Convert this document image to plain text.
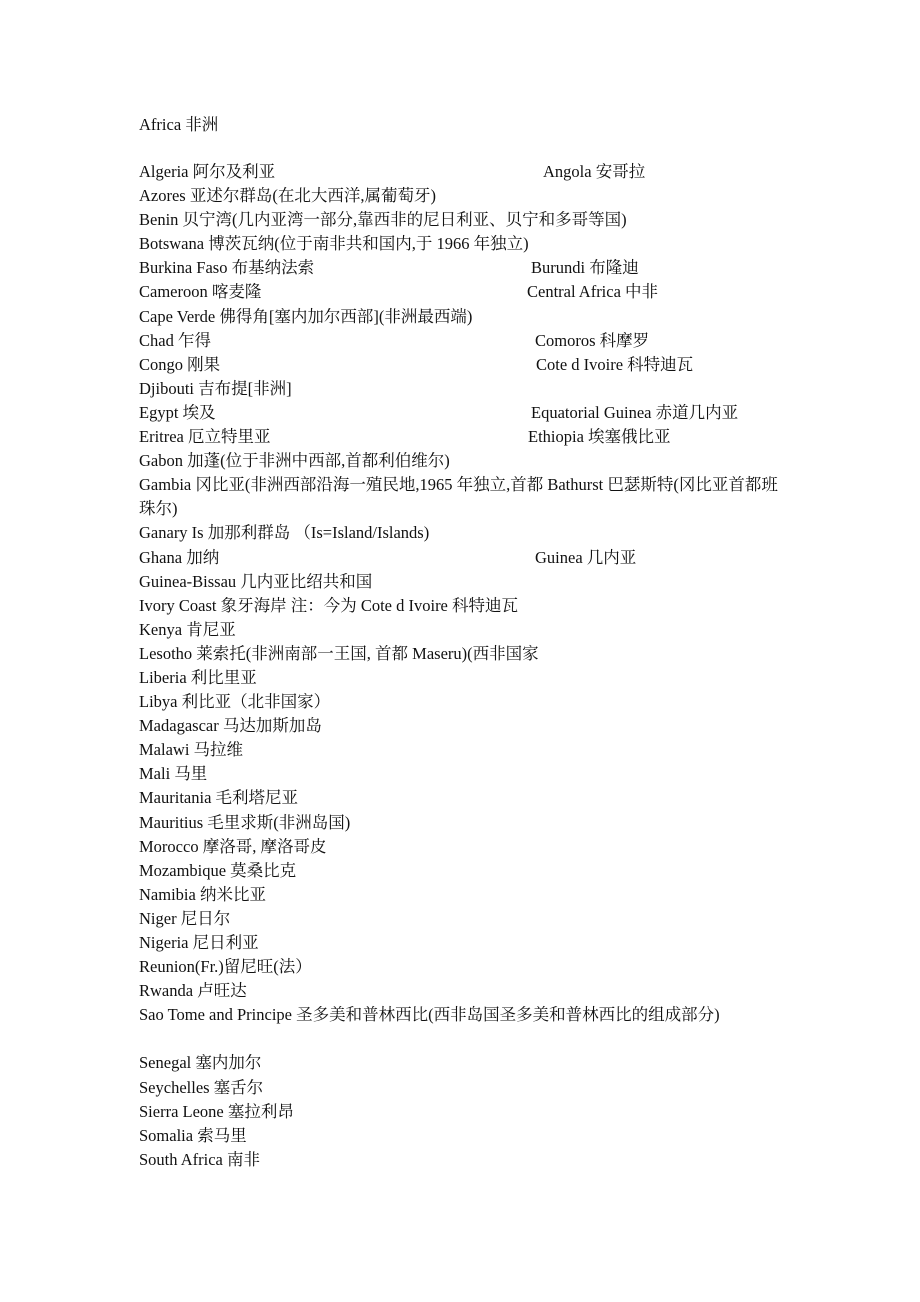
Africa 非洲
Algeria 阿尔及利亚	Angola 安哥拉
Azores 亚述尔群岛(在北大西洋,属葡萄牙)
Benin 贝宁湾(几内亚湾一部分,靠西非的尼日利亚、贝宁和多哥等国)
Botswana 博茨瓦纳(位于南非共和国内,于 1966 年独立)
Burkina Faso 布基纳法索	Burundi 布隆迪
Cameroon 喀麦隆	Central Africa 中非
Cape Verde 佛得角[塞内加尔西部](非洲最西端)
Chad 乍得	Comoros 科摩罗
Congo 刚果	Cote d Ivoire 科特迪瓦
Djibouti 吉布提[非洲]
Egypt 埃及	Equatorial Guinea 赤道几内亚
Eritrea 厄立特里亚	Ethiopia 埃塞俄比亚
Gabon 加蓬(位于非洲中西部,首都利伯维尔)
Gambia 冈比亚(非洲西部沿海一殖民地,1965 年独立,首都 Bathurst 巴瑟斯特(冈比亚首都班珠尔)
Ganary Is 加那利群岛 （Is=Island/Islands)
Ghana 加纳	Guinea 几内亚
Guinea-Bissau 几内亚比绍共和国
Ivory Coast 象牙海岸 注：今为 Cote d Ivoire 科特迪瓦
Kenya 肯尼亚
Lesotho 莱索托(非洲南部一王国, 首都 Maseru)(西非国家
Liberia 利比里亚
Libya 利比亚（北非国家）
Madagascar 马达加斯加岛
Malawi 马拉维
Mali 马里
Mauritania 毛利塔尼亚
Mauritius 毛里求斯(非洲岛国)
Morocco 摩洛哥, 摩洛哥皮
Mozambique 莫桑比克
Namibia 纳米比亚
Niger 尼日尔
Nigeria 尼日利亚
Reunion(Fr.)留尼旺(法）
Rwanda 卢旺达
Sao Tome and Principe 圣多美和普林西比(西非岛国圣多美和普林西比的组成部分)
Senegal 塞内加尔
Seychelles 塞舌尔
Sierra Leone 塞拉利昂
Somalia 索马里
South Africa 南非
